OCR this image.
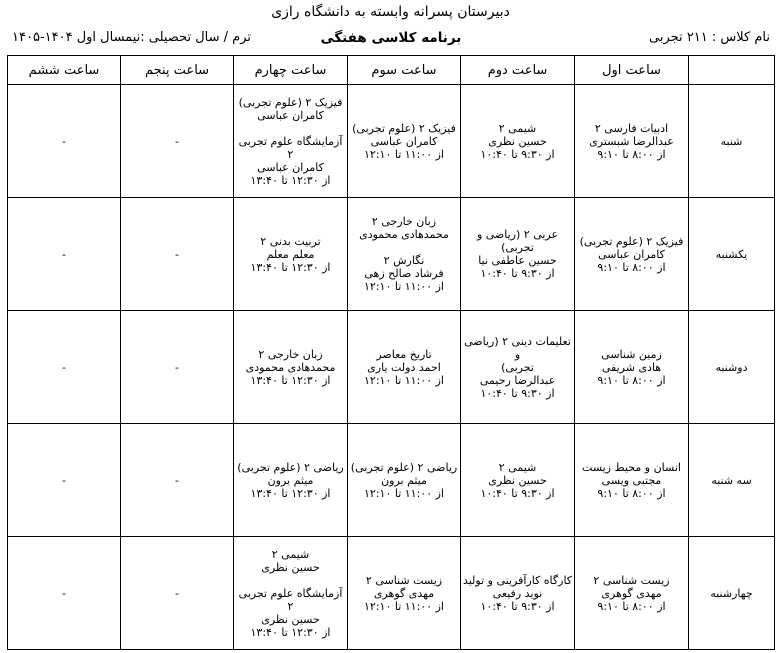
دبیرستان پسرانه وابسته به دانشگاه رازی
نام کلاس : ۲۱۱ تجربی
برنامه کلاسی هفتگی
ترم / سال تحصیلی :نیمسال اول ۱۴۰۴-۱۴۰۵
	ساعت اول	ساعت دوم	ساعت سوم	ساعت چهارم	ساعت پنجم	ساعت ششم
شنبه	ادبیات فارسی ۲
عبدالرضا شبستری
از ۸:۰۰ تا ۹:۱۰	شیمی ۲
حسین نظری
از ۹:۳۰ تا ۱۰:۴۰	فیزیک ۲ (علوم تجربی)
کامران عباسی
از ۱۱:۰۰ تا ۱۲:۱۰	فیزیک ۲ (علوم تجربی)
کامران عباسی
آزمایشگاه علوم تجربی ۲
کامران عباسی
از ۱۲:۳۰ تا ۱۳:۴۰	-	-

یکشنبه	فیزیک ۲ (علوم تجربی)
کامران عباسی
از ۸:۰۰ تا ۹:۱۰	عربی ۲ (ریاضی و تجربی)
حسین عاطفی نیا
از ۹:۳۰ تا ۱۰:۴۰	زبان خارجی ۲
محمدهادی محمودی
نگارش ۲
فرشاد صالح زهی
از ۱۱:۰۰ تا ۱۲:۱۰	تربیت بدنی ۲
معلم معلم
از ۱۲:۳۰ تا ۱۳:۴۰	-	-

دوشنبه	زمین شناسی
هادی شریفی
از ۸:۰۰ تا ۹:۱۰	تعلیمات دینی ۲ (ریاضی و
تجربی)
عبدالرضا رحیمی
از ۹:۳۰ تا ۱۰:۴۰	تاریخ معاصر
احمد دولت یاری
از ۱۱:۰۰ تا ۱۲:۱۰	زبان خارجی ۲
محمدهادی محمودی
از ۱۲:۳۰ تا ۱۳:۴۰	-	-

سه شنبه	انسان و محیط زیست
مجتبی ویسی
از ۸:۰۰ تا ۹:۱۰	شیمی ۲
حسین نظری
از ۹:۳۰ تا ۱۰:۴۰	ریاضی ۲ (علوم تجربی)
میثم برون
از ۱۱:۰۰ تا ۱۲:۱۰	ریاضی ۲ (علوم تجربی)
میثم برون
از ۱۲:۳۰ تا ۱۳:۴۰	-	-

چهارشنبه	زیست شناسی ۲
مهدی گوهری
از ۸:۰۰ تا ۹:۱۰	کارگاه کارآفرینی و تولید
نوید رفیعی
از ۹:۳۰ تا ۱۰:۴۰	زیست شناسی ۲
مهدی گوهری
از ۱۱:۰۰ تا ۱۲:۱۰	شیمی ۲
حسین نظری
آزمایشگاه علوم تجربی ۲
حسین نظری
از ۱۲:۳۰ تا ۱۳:۴۰	-	-
